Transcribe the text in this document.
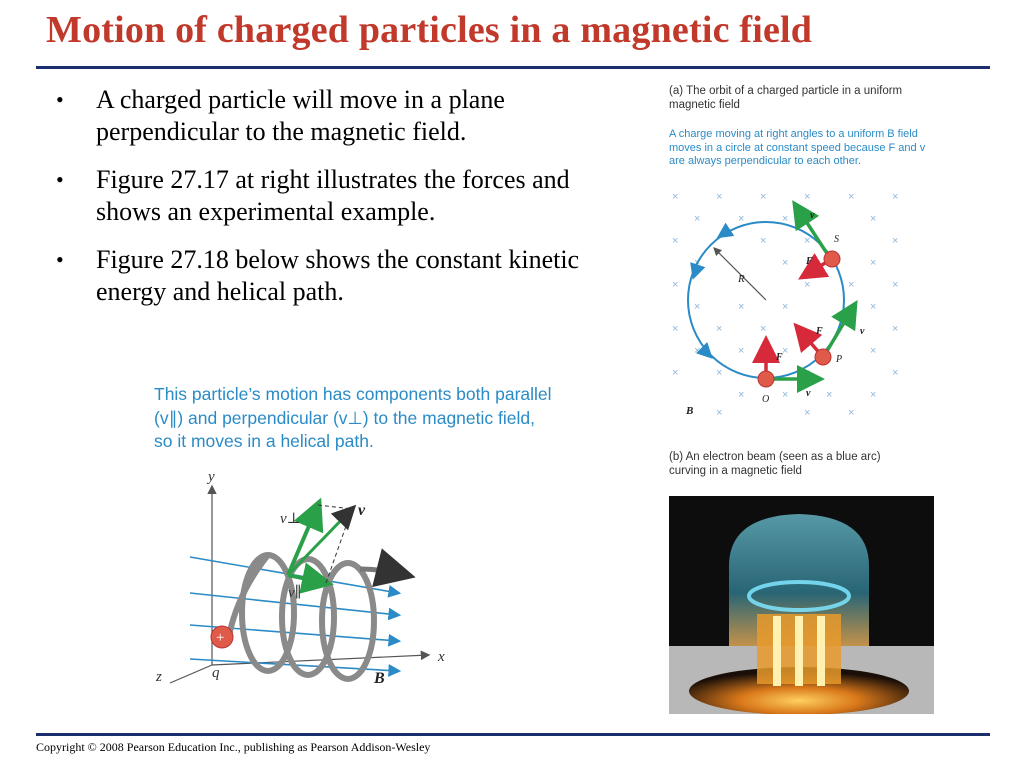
Motion of charged particles in a magnetic field
• A charged particle will move in a plane perpendicular to the magnetic field.
• Figure 27.17 at right illustrates the forces and shows an experimental example.
• Figure 27.18 below shows the constant kinetic energy and helical path.
(a) The orbit of a charged particle in a uniform magnetic field
A charge moving at right angles to a uniform B field moves in a circle at constant speed because F and v are always perpendicular to each other.
×	×	×	×	×	×
×	×	×	×
×	×	×	×
×	×	×
×	×	×	×
×	×	×	×
×	×	×	×
×	×	×	×
×	×	×	×
×	×	×	×
×	×	×
R
S
v
F
P
v
F
O
v
F
B
(b) An electron beam (seen as a blue arc) curving in a magnetic field
This particle’s motion has components both parallel (v∥) and perpendicular (v⊥) to the magnetic field, so it moves in a helical path.
y
x
z
+
q
v⊥
v∥
v
B
Copyright © 2008 Pearson Education Inc., publishing as Pearson Addison-Wesley
